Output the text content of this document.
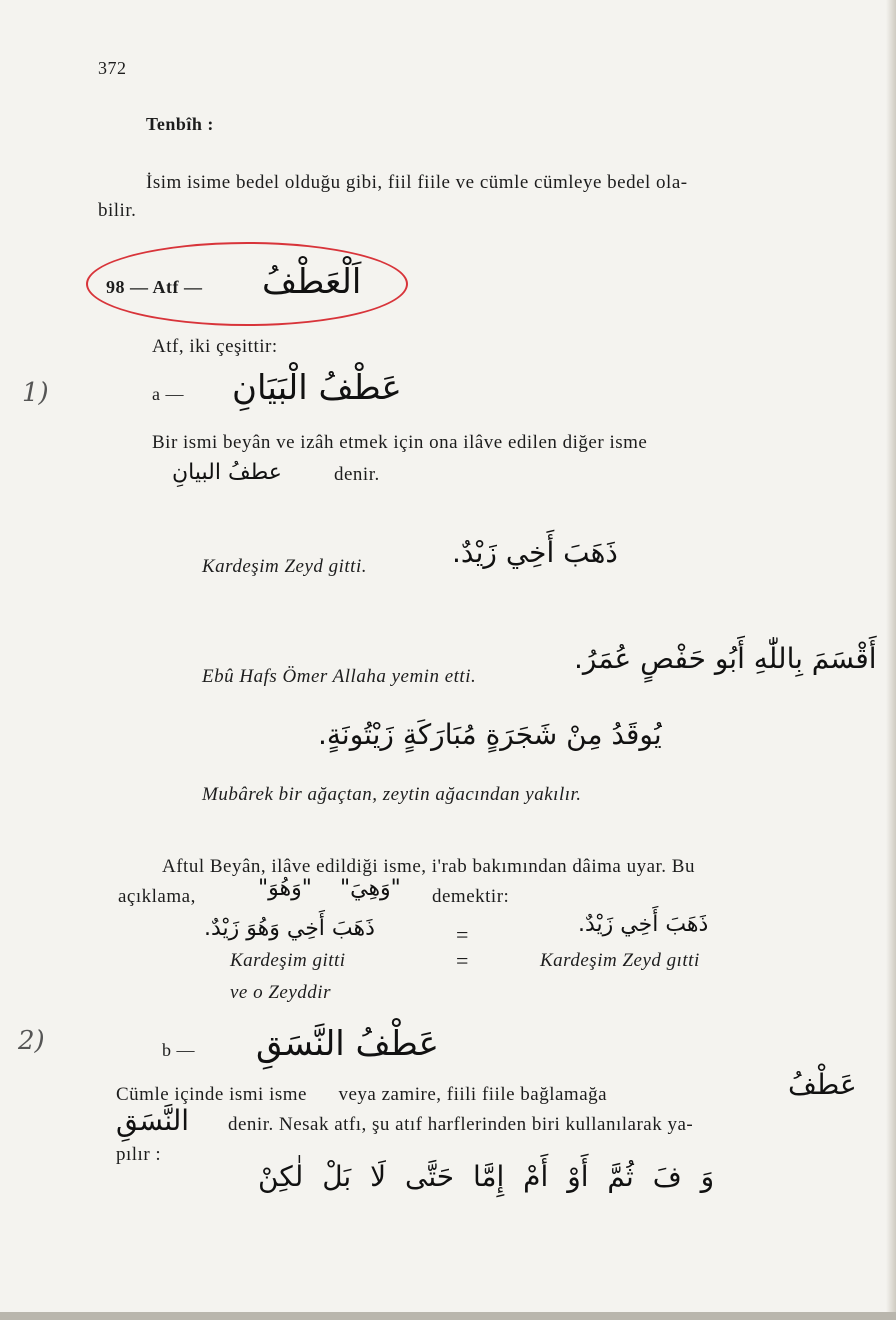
372
Tenbîh :
İsim isime bedel olduğu gibi, fiil fiile ve cümle cümleye bedel ola-
bilir.
98 — Atf — اَلْعَطْفُ
Atf, iki çeşittir:
1)	a — عَطْفُ الْبَيَانِ
Bir ismi beyân ve izâh etmek için ona ilâve edilen diğer isme
عطفُ البيانِ	denir.
Kardeşim Zeyd gitti.	ذَهَبَ أَخِي زَيْدٌ.
Ebû Hafs Ömer Allaha yemin etti.
أَقْسَمَ بِاللّٰهِ أَبُو حَفْصٍ عُمَرُ.
يُوقَدُ مِنْ شَجَرَةٍ مُبَارَكَةٍ زَيْتُونَةٍ.
Mubârek bir ağaçtan, zeytin ağacından yakılır.
Aftul Beyân, ilâve edildiği isme, i'rab bakımından dâima uyar. Bu
açıklama,	"وَهُوَ" "وَهِيَ" demektir:
ذَهَبَ أَخِي وَهُوَ زَيْدٌ.	=	ذَهَبَ أَخِي زَيْدٌ.
Kardeşim gitti	=	Kardeşim Zeyd gıtti
ve o Zeyddir
2)	b — عَطْفُ النَّسَقِ
Cümle içinde ismi isme      veya zamire, fiili fiile bağlamağa	عَطْفُ
النَّسَقِ denir. Nesak atfı, şu atıf harflerinden biri kullanılarak ya-
pılır :
وَ فَ ثُمَّ أَوْ أَمْ إِمَّا حَتَّى لَا بَلْ لٰكِنْ
